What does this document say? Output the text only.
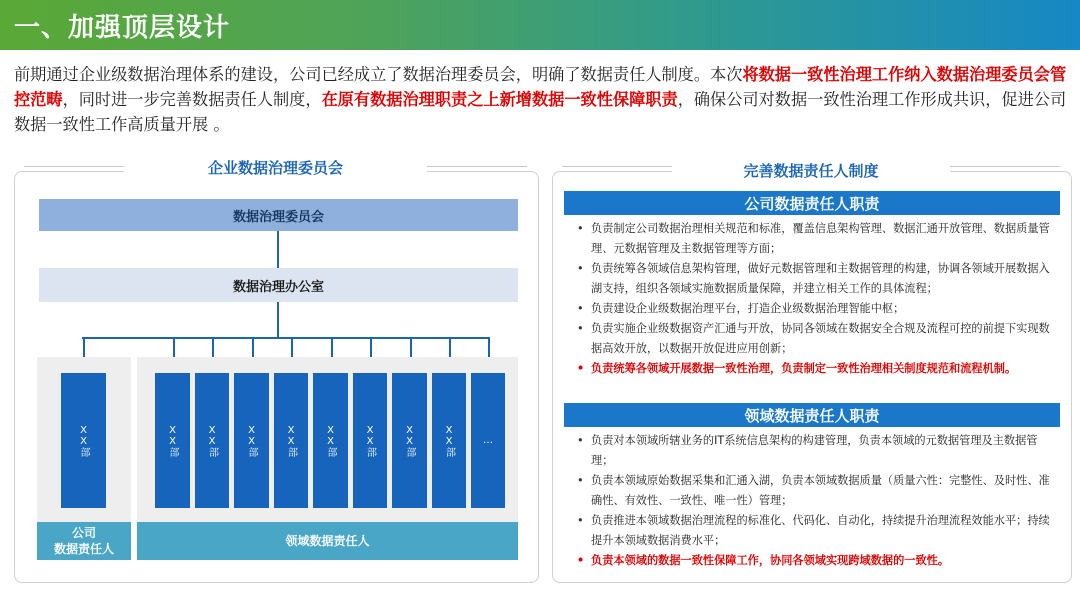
一、加强顶层设计
前期通过企业级数据治理体系的建设，公司已经成立了数据治理委员会，明确了数据责任人制度。本次将数据一致性治理工作纳入数据治理委员会管控范畴，同时进一步完善数据责任人制度，在原有数据治理职责之上新增数据一致性保障职责，确保公司对数据一致性治理工作形成共识，促进公司数据一致性工作高质量开展 。
企业数据治理委员会
数据治理委员会
数据治理办公室
XX部	XX部	XX部	XX部	XX部	XX部	XX部	XX部	XX部	…
公司
数据责任人
领域数据责任人
完善数据责任人制度
公司数据责任人职责
• 负责制定公司数据治理相关规范和标准，覆盖信息架构管理、数据汇通开放管理、数据质量管理、元数据管理及主数据管理等方面；
• 负责统筹各领域信息架构管理，做好元数据管理和主数据管理的构建，协调各领域开展数据入湖支持，组织各领域实施数据质量保障，并建立相关工作的具体流程；
• 负责建设企业级数据治理平台，打造企业级数据治理智能中枢；
• 负责实施企业级数据资产汇通与开放，协同各领域在数据安全合规及流程可控的前提下实现数据高效开放，以数据开放促进应用创新；
• 负责统筹各领域开展数据一致性治理，负责制定一致性治理相关制度规范和流程机制。
领域数据责任人职责
• 负责对本领域所辖业务的IT系统信息架构的构建管理，负责本领域的元数据管理及主数据管理；
• 负责本领域原始数据采集和汇通入湖，负责本领域数据质量（质量六性：完整性、及时性、准确性、有效性、一致性、唯一性）管理；
• 负责推进本领域数据治理流程的标准化、代码化、自动化，持续提升治理流程效能水平；持续提升本领域数据消费水平；
• 负责本领域的数据一致性保障工作，协同各领域实现跨域数据的一致性。
